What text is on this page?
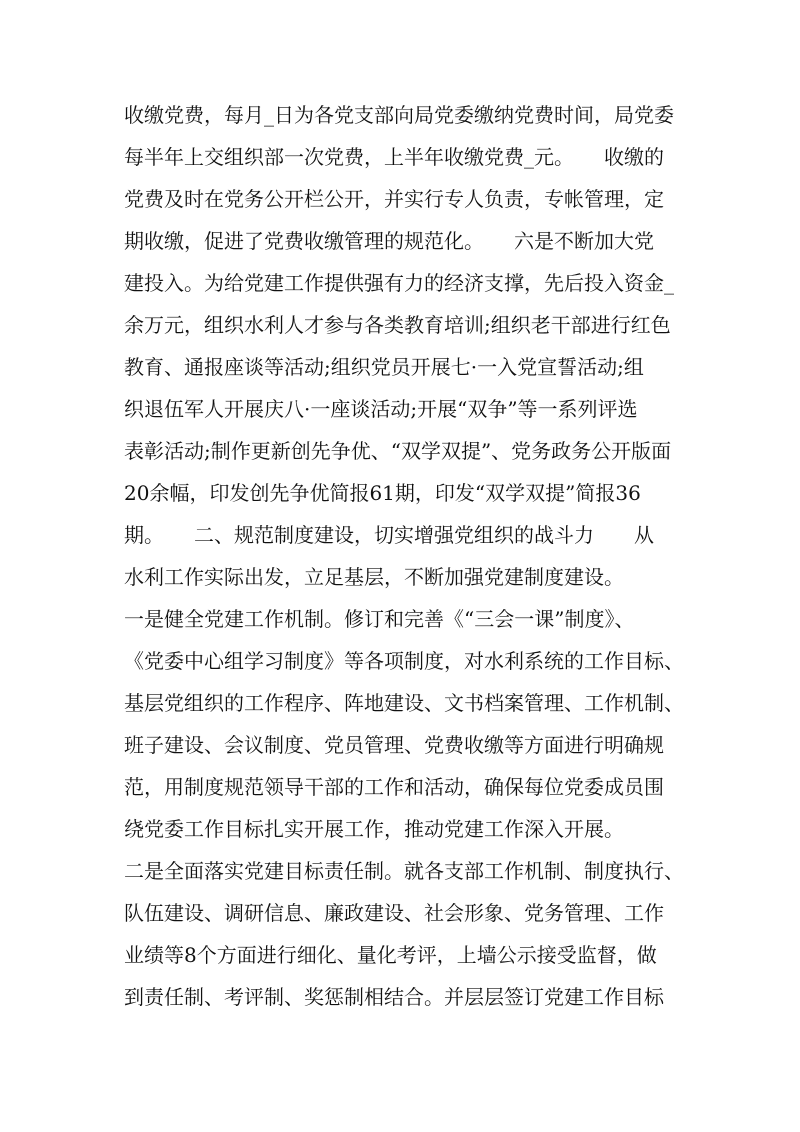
收缴党费，每月_日为各党支部向局党委缴纳党费时间，局党委
每半年上交组织部一次党费，上半年收缴党费_元。　　收缴的
党费及时在党务公开栏公开，并实行专人负责，专帐管理，定
期收缴，促进了党费收缴管理的规范化。　　六是不断加大党
建投入。为给党建工作提供强有力的经济支撑，先后投入资金_
余万元，组织水利人才参与各类教育培训;组织老干部进行红色
教育、通报座谈等活动;组织党员开展七·一入党宣誓活动;组
织退伍军人开展庆八·一座谈活动;开展“双争”等一系列评选
表彰活动;制作更新创先争优、“双学双提”、党务政务公开版面
20余幅，印发创先争优简报61期，印发“双学双提”简报36
期。　　二、规范制度建设，切实增强党组织的战斗力　　从
水利工作实际出发，立足基层，不断加强党建制度建设。
一是健全党建工作机制。修订和完善《“三会一课”制度》、
《党委中心组学习制度》等各项制度，对水利系统的工作目标、
基层党组织的工作程序、阵地建设、文书档案管理、工作机制、
班子建设、会议制度、党员管理、党费收缴等方面进行明确规
范，用制度规范领导干部的工作和活动，确保每位党委成员围
绕党委工作目标扎实开展工作，推动党建工作深入开展。
二是全面落实党建目标责任制。就各支部工作机制、制度执行、
队伍建设、调研信息、廉政建设、社会形象、党务管理、工作
业绩等8个方面进行细化、量化考评，上墙公示接受监督，做
到责任制、考评制、奖惩制相结合。并层层签订党建工作目标
